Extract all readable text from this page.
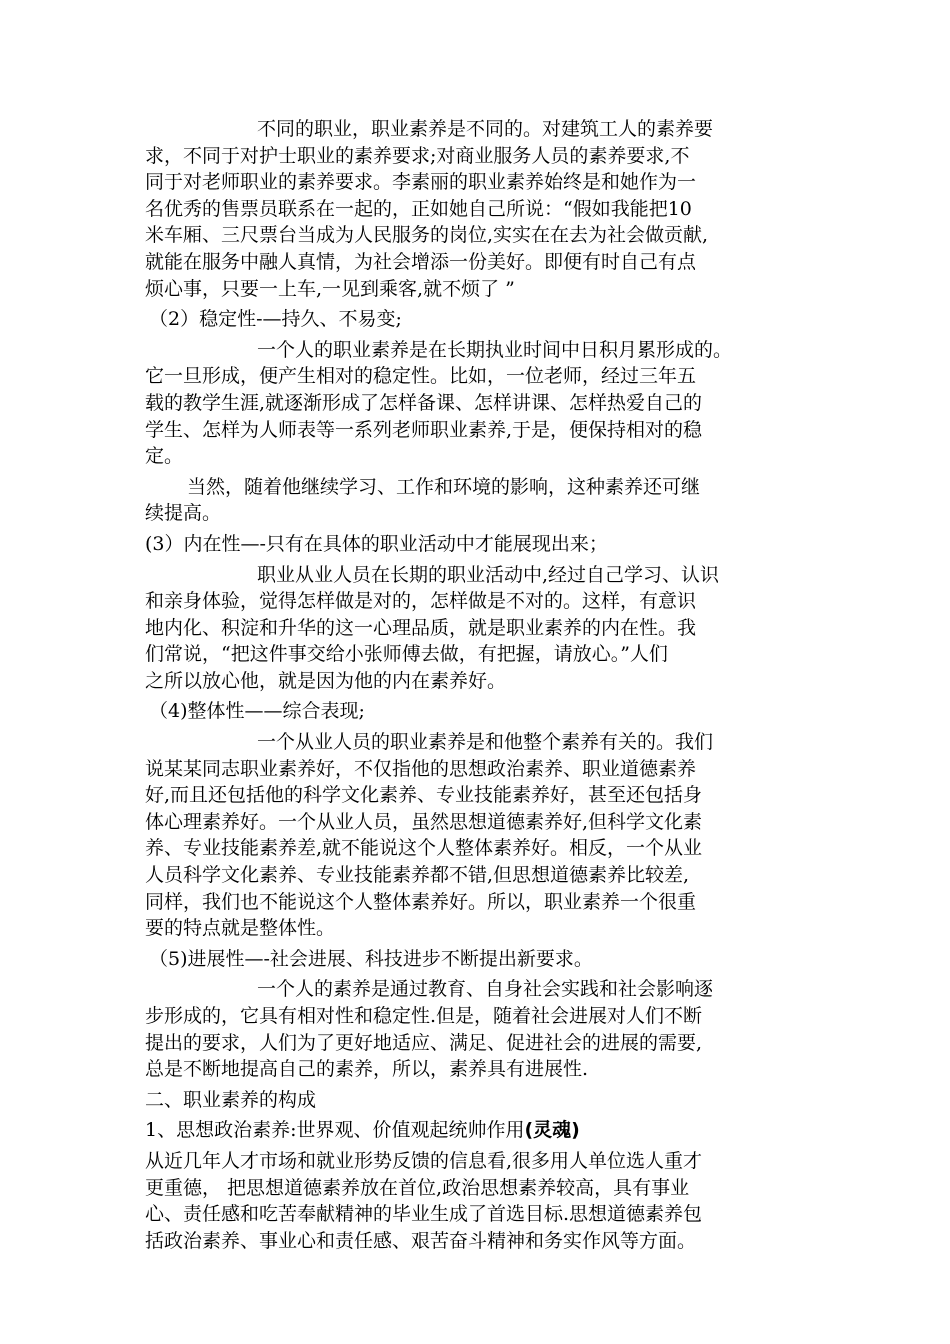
不同的职业，职业素养是不同的。对建筑工人的素养要
求，不同于对护士职业的素养要求;对商业服务人员的素养要求,不
同于对老师职业的素养要求。李素丽的职业素养始终是和她作为一
名优秀的售票员联系在一起的，正如她自己所说：“假如我能把10
米车厢、三尺票台当成为人民服务的岗位,实实在在去为社会做贡献,
就能在服务中融人真情，为社会增添一份美好。即便有时自己有点
烦心事，只要一上车,一见到乘客,就不烦了 ”
（2）稳定性-—持久、不易变;
一个人的职业素养是在长期执业时间中日积月累形成的。
它一旦形成，便产生相对的稳定性。比如，一位老师，经过三年五
载的教学生涯,就逐渐形成了怎样备课、怎样讲课、怎样热爱自己的
学生、怎样为人师表等一系列老师职业素养,于是，便保持相对的稳
定。
当然，随着他继续学习、工作和环境的影响，这种素养还可继
续提高。
(3）内在性—-只有在具体的职业活动中才能展现出来；
职业从业人员在长期的职业活动中,经过自己学习、认识
和亲身体验，觉得怎样做是对的，怎样做是不对的。这样，有意识
地内化、积淀和升华的这一心理品质，就是职业素养的内在性。我
们常说，“把这件事交给小张师傅去做，有把握，请放心。”人们
之所以放心他，就是因为他的内在素养好。
（4)整体性——综合表现;
一个从业人员的职业素养是和他整个素养有关的。我们
说某某同志职业素养好，不仅指他的思想政治素养、职业道德素养
好,而且还包括他的科学文化素养、专业技能素养好，甚至还包括身
体心理素养好。一个从业人员，虽然思想道德素养好,但科学文化素
养、专业技能素养差,就不能说这个人整体素养好。相反，一个从业
人员科学文化素养、专业技能素养都不错,但思想道德素养比较差,
同样，我们也不能说这个人整体素养好。所以，职业素养一个很重
要的特点就是整体性。
（5)进展性—-社会进展、科技进步不断提出新要求。
一个人的素养是通过教育、自身社会实践和社会影响逐
步形成的，它具有相对性和稳定性.但是，随着社会进展对人们不断
提出的要求，人们为了更好地适应、满足、促进社会的进展的需要,
总是不断地提高自己的素养，所以，素养具有进展性.
二、职业素养的构成
1、思想政治素养:世界观、价值观起统帅作用(灵魂)
从近几年人才市场和就业形势反馈的信息看,很多用人单位选人重才
更重德， 把思想道德素养放在首位,政治思想素养较高，具有事业
心、责任感和吃苦奉献精神的毕业生成了首选目标.思想道德素养包
括政治素养、事业心和责任感、艰苦奋斗精神和务实作风等方面。
